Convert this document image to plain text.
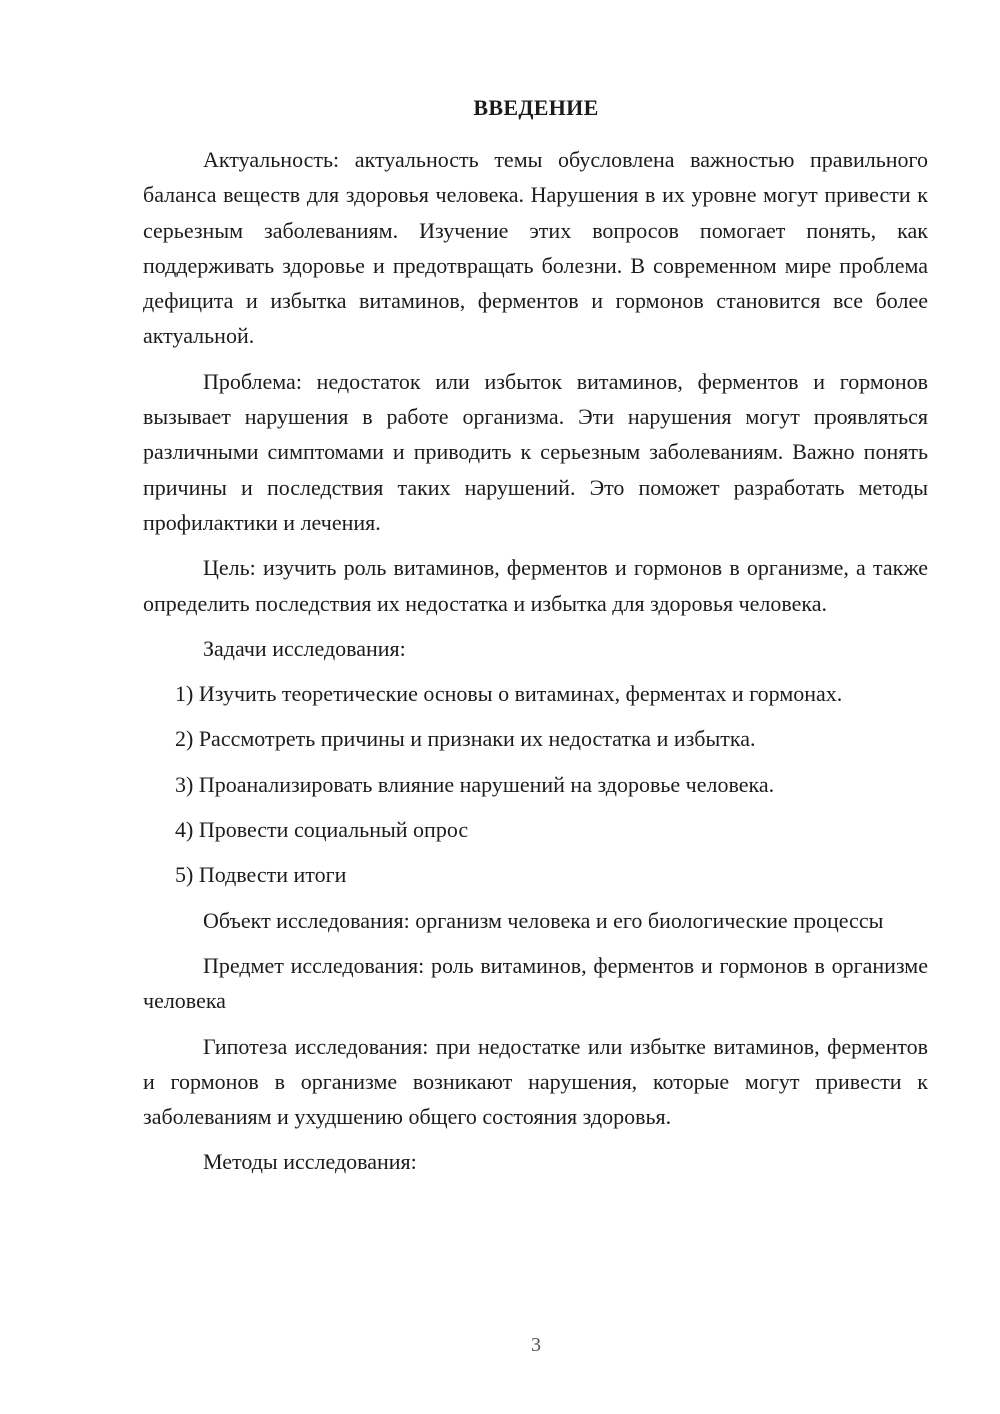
ВВЕДЕНИЕ

Актуальность: актуальность темы обусловлена важностью правильного баланса веществ для здоровья человека. Нарушения в их уровне могут привести к серьезным заболеваниям. Изучение этих вопросов помогает понять, как поддерживать здоровье и предотвращать болезни. В современном мире проблема дефицита и избытка витаминов, ферментов и гормонов становится все более актуальной.

Проблема: недостаток или избыток витаминов, ферментов и гормонов вызывает нарушения в работе организма. Эти нарушения могут проявляться различными симптомами и приводить к серьезным заболеваниям. Важно понять причины и последствия таких нарушений. Это поможет разработать методы профилактики и лечения.

Цель: изучить роль витаминов, ферментов и гормонов в организме, а также определить последствия их недостатка и избытка для здоровья человека.

Задачи исследования:

1) Изучить теоретические основы о витаминах, ферментах и гормонах.

2) Рассмотреть причины и признаки их недостатка и избытка.

3) Проанализировать влияние нарушений на здоровье человека.

4) Провести социальный опрос

5) Подвести итоги

Объект исследования: организм человека и его биологические процессы

Предмет исследования: роль витаминов, ферментов и гормонов в организме человека

Гипотеза исследования: при недостатке или избытке витаминов, ферментов и гормонов в организме возникают нарушения, которые могут привести к заболеваниям и ухудшению общего состояния здоровья.

Методы исследования:

3
